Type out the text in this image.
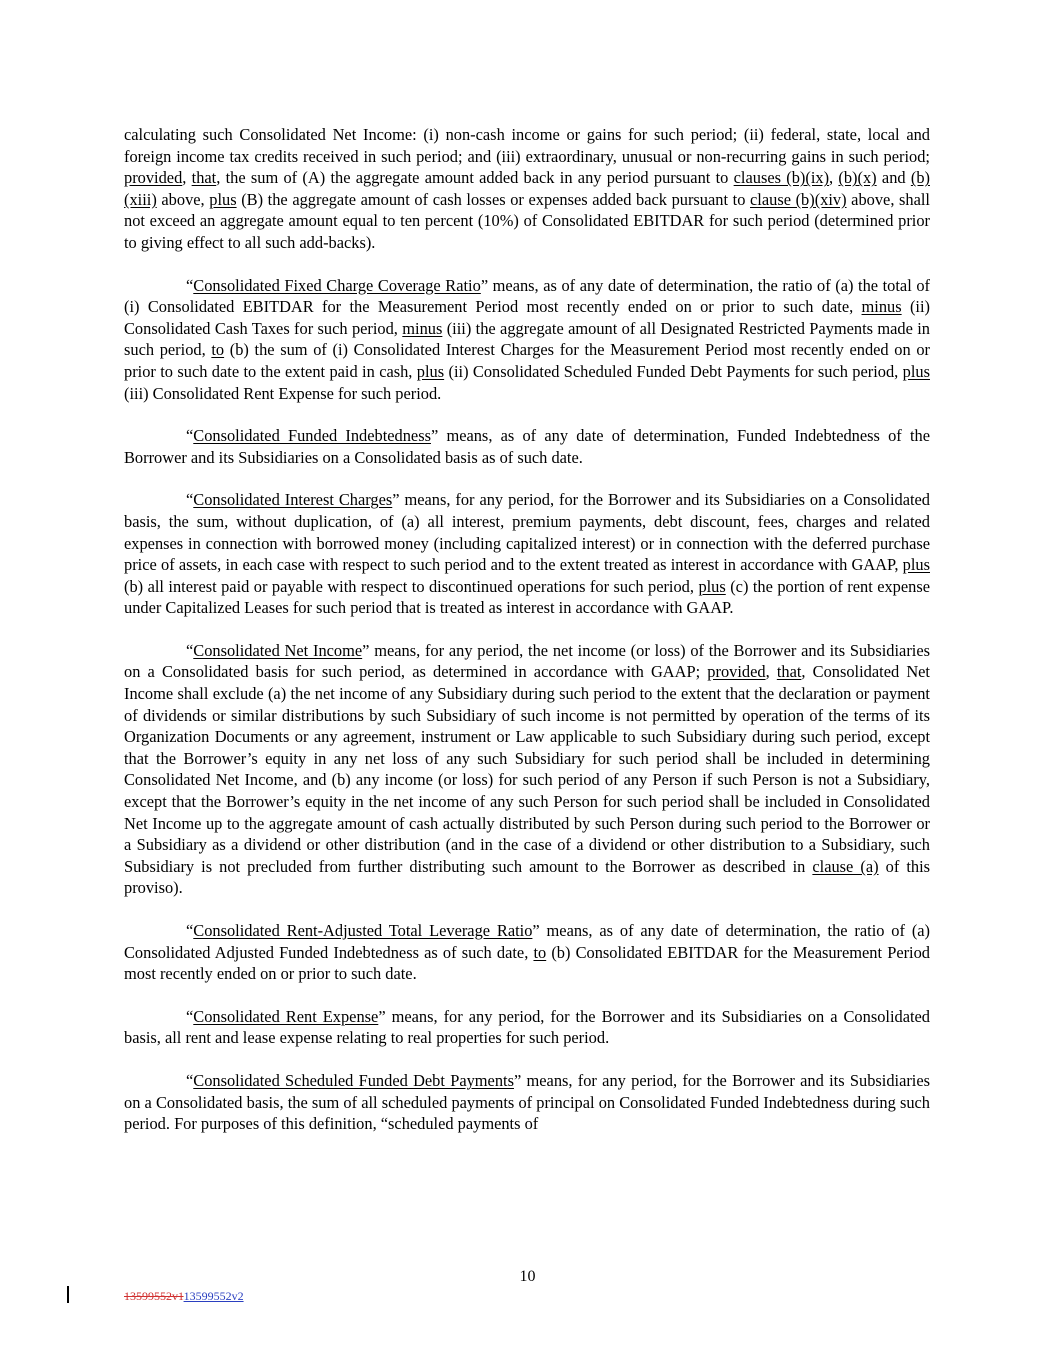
calculating such Consolidated Net Income: (i) non-cash income or gains for such period; (ii) federal, state, local and foreign income tax credits received in such period; and (iii) extraordinary, unusual or non-recurring gains in such period; provided, that, the sum of (A) the aggregate amount added back in any period pursuant to clauses (b)(ix), (b)(x) and (b)(xiii) above, plus (B) the aggregate amount of cash losses or expenses added back pursuant to clause (b)(xiv) above, shall not exceed an aggregate amount equal to ten percent (10%) of Consolidated EBITDAR for such period (determined prior to giving effect to all such add-backs).

“Consolidated Fixed Charge Coverage Ratio” means, as of any date of determination, the ratio of (a) the total of (i) Consolidated EBITDAR for the Measurement Period most recently ended on or prior to such date, minus (ii) Consolidated Cash Taxes for such period, minus (iii) the aggregate amount of all Designated Restricted Payments made in such period, to (b) the sum of (i) Consolidated Interest Charges for the Measurement Period most recently ended on or prior to such date to the extent paid in cash, plus (ii) Consolidated Scheduled Funded Debt Payments for such period, plus (iii) Consolidated Rent Expense for such period.

“Consolidated Funded Indebtedness” means, as of any date of determination, Funded Indebtedness of the Borrower and its Subsidiaries on a Consolidated basis as of such date.

“Consolidated Interest Charges” means, for any period, for the Borrower and its Subsidiaries on a Consolidated basis, the sum, without duplication, of (a) all interest, premium payments, debt discount, fees, charges and related expenses in connection with borrowed money (including capitalized interest) or in connection with the deferred purchase price of assets, in each case with respect to such period and to the extent treated as interest in accordance with GAAP, plus (b) all interest paid or payable with respect to discontinued operations for such period, plus (c) the portion of rent expense under Capitalized Leases for such period that is treated as interest in accordance with GAAP.

“Consolidated Net Income” means, for any period, the net income (or loss) of the Borrower and its Subsidiaries on a Consolidated basis for such period, as determined in accordance with GAAP; provided, that, Consolidated Net Income shall exclude (a) the net income of any Subsidiary during such period to the extent that the declaration or payment of dividends or similar distributions by such Subsidiary of such income is not permitted by operation of the terms of its Organization Documents or any agreement, instrument or Law applicable to such Subsidiary during such period, except that the Borrower’s equity in any net loss of any such Subsidiary for such period shall be included in determining Consolidated Net Income, and (b) any income (or loss) for such period of any Person if such Person is not a Subsidiary, except that the Borrower’s equity in the net income of any such Person for such period shall be included in Consolidated Net Income up to the aggregate amount of cash actually distributed by such Person during such period to the Borrower or a Subsidiary as a dividend or other distribution (and in the case of a dividend or other distribution to a Subsidiary, such Subsidiary is not precluded from further distributing such amount to the Borrower as described in clause (a) of this proviso).

“Consolidated Rent-Adjusted Total Leverage Ratio” means, as of any date of determination, the ratio of (a) Consolidated Adjusted Funded Indebtedness as of such date, to (b) Consolidated EBITDAR for the Measurement Period most recently ended on or prior to such date.

“Consolidated Rent Expense” means, for any period, for the Borrower and its Subsidiaries on a Consolidated basis, all rent and lease expense relating to real properties for such period.

“Consolidated Scheduled Funded Debt Payments” means, for any period, for the Borrower and its Subsidiaries on a Consolidated basis, the sum of all scheduled payments of principal on Consolidated Funded Indebtedness during such period. For purposes of this definition, “scheduled payments of

10
13599552v113599552v2
